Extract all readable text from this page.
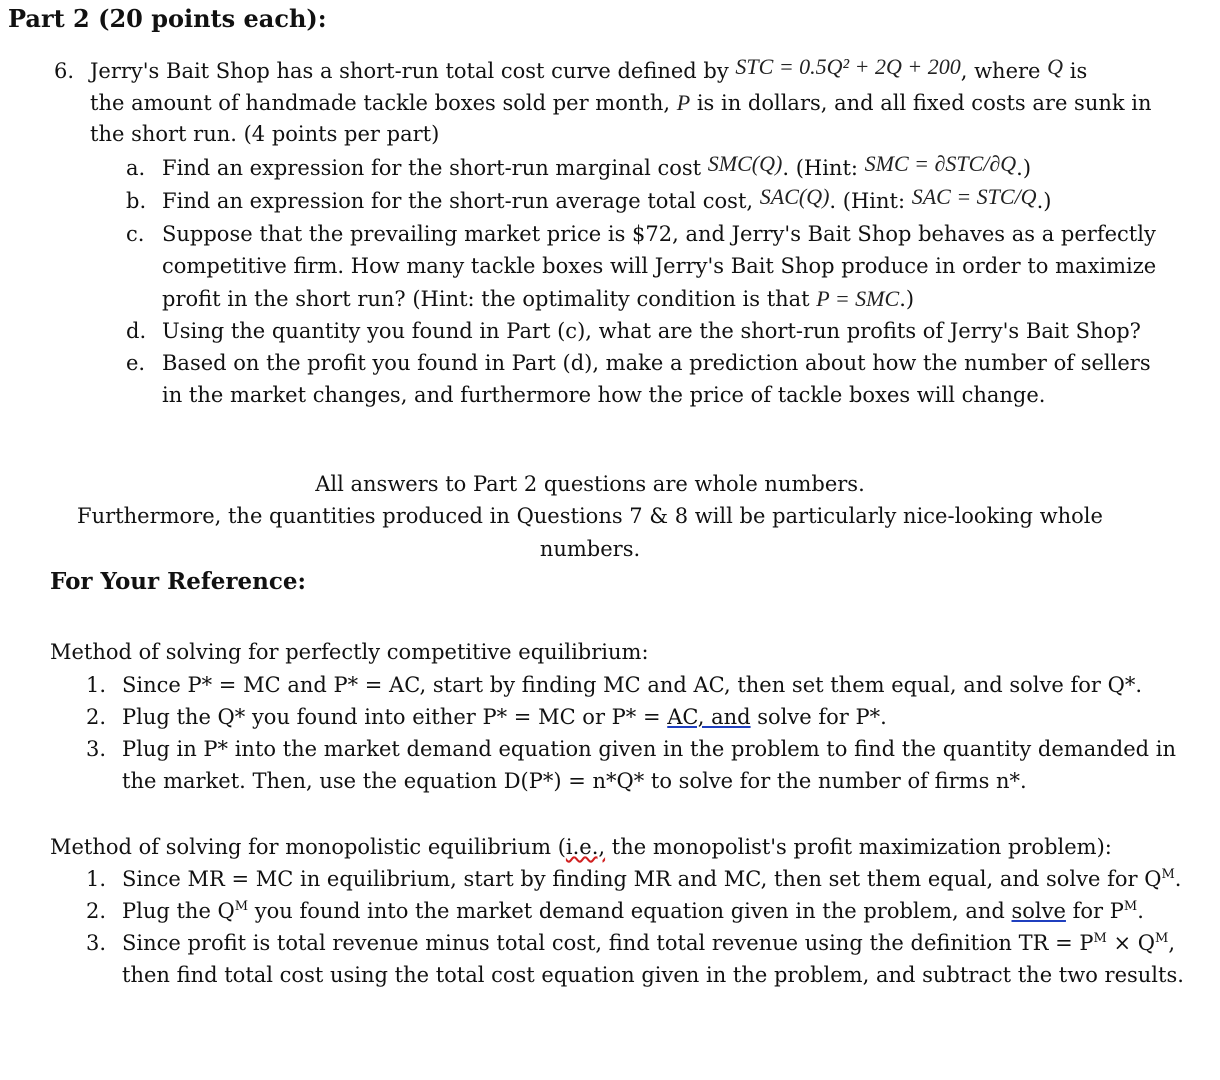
Part 2 (20 points each):
6. Jerry's Bait Shop has a short-run total cost curve defined by STC = 0.5Q² + 2Q + 200, where Q is
the amount of handmade tackle boxes sold per month, P is in dollars, and all fixed costs are sunk in
the short run. (4 points per part)
a. Find an expression for the short-run marginal cost SMC(Q). (Hint: SMC = ∂STC/∂Q.)
b. Find an expression for the short-run average total cost, SAC(Q). (Hint: SAC = STC/Q.)
c. Suppose that the prevailing market price is $72, and Jerry's Bait Shop behaves as a perfectly
competitive firm. How many tackle boxes will Jerry's Bait Shop produce in order to maximize
profit in the short run? (Hint: the optimality condition is that P = SMC.)
d. Using the quantity you found in Part (c), what are the short-run profits of Jerry's Bait Shop?
e. Based on the profit you found in Part (d), make a prediction about how the number of sellers
in the market changes, and furthermore how the price of tackle boxes will change.
All answers to Part 2 questions are whole numbers.
Furthermore, the quantities produced in Questions 7 & 8 will be particularly nice-looking whole
numbers.
For Your Reference:
Method of solving for perfectly competitive equilibrium:
1. Since P* = MC and P* = AC, start by finding MC and AC, then set them equal, and solve for Q*.
2. Plug the Q* you found into either P* = MC or P* = AC, and solve for P*.
3. Plug in P* into the market demand equation given in the problem to find the quantity demanded in
the market. Then, use the equation D(P*) = n*Q* to solve for the number of firms n*.
Method of solving for monopolistic equilibrium (i.e., the monopolist's profit maximization problem):
1. Since MR = MC in equilibrium, start by finding MR and MC, then set them equal, and solve for $Q^M$.
2. Plug the $Q^M$ you found into the market demand equation given in the problem, and solve for $P^M$.
3. Since profit is total revenue minus total cost, find total revenue using the definition TR = $P^M \times Q^M$,
then find total cost using the total cost equation given in the problem, and subtract the two results.
